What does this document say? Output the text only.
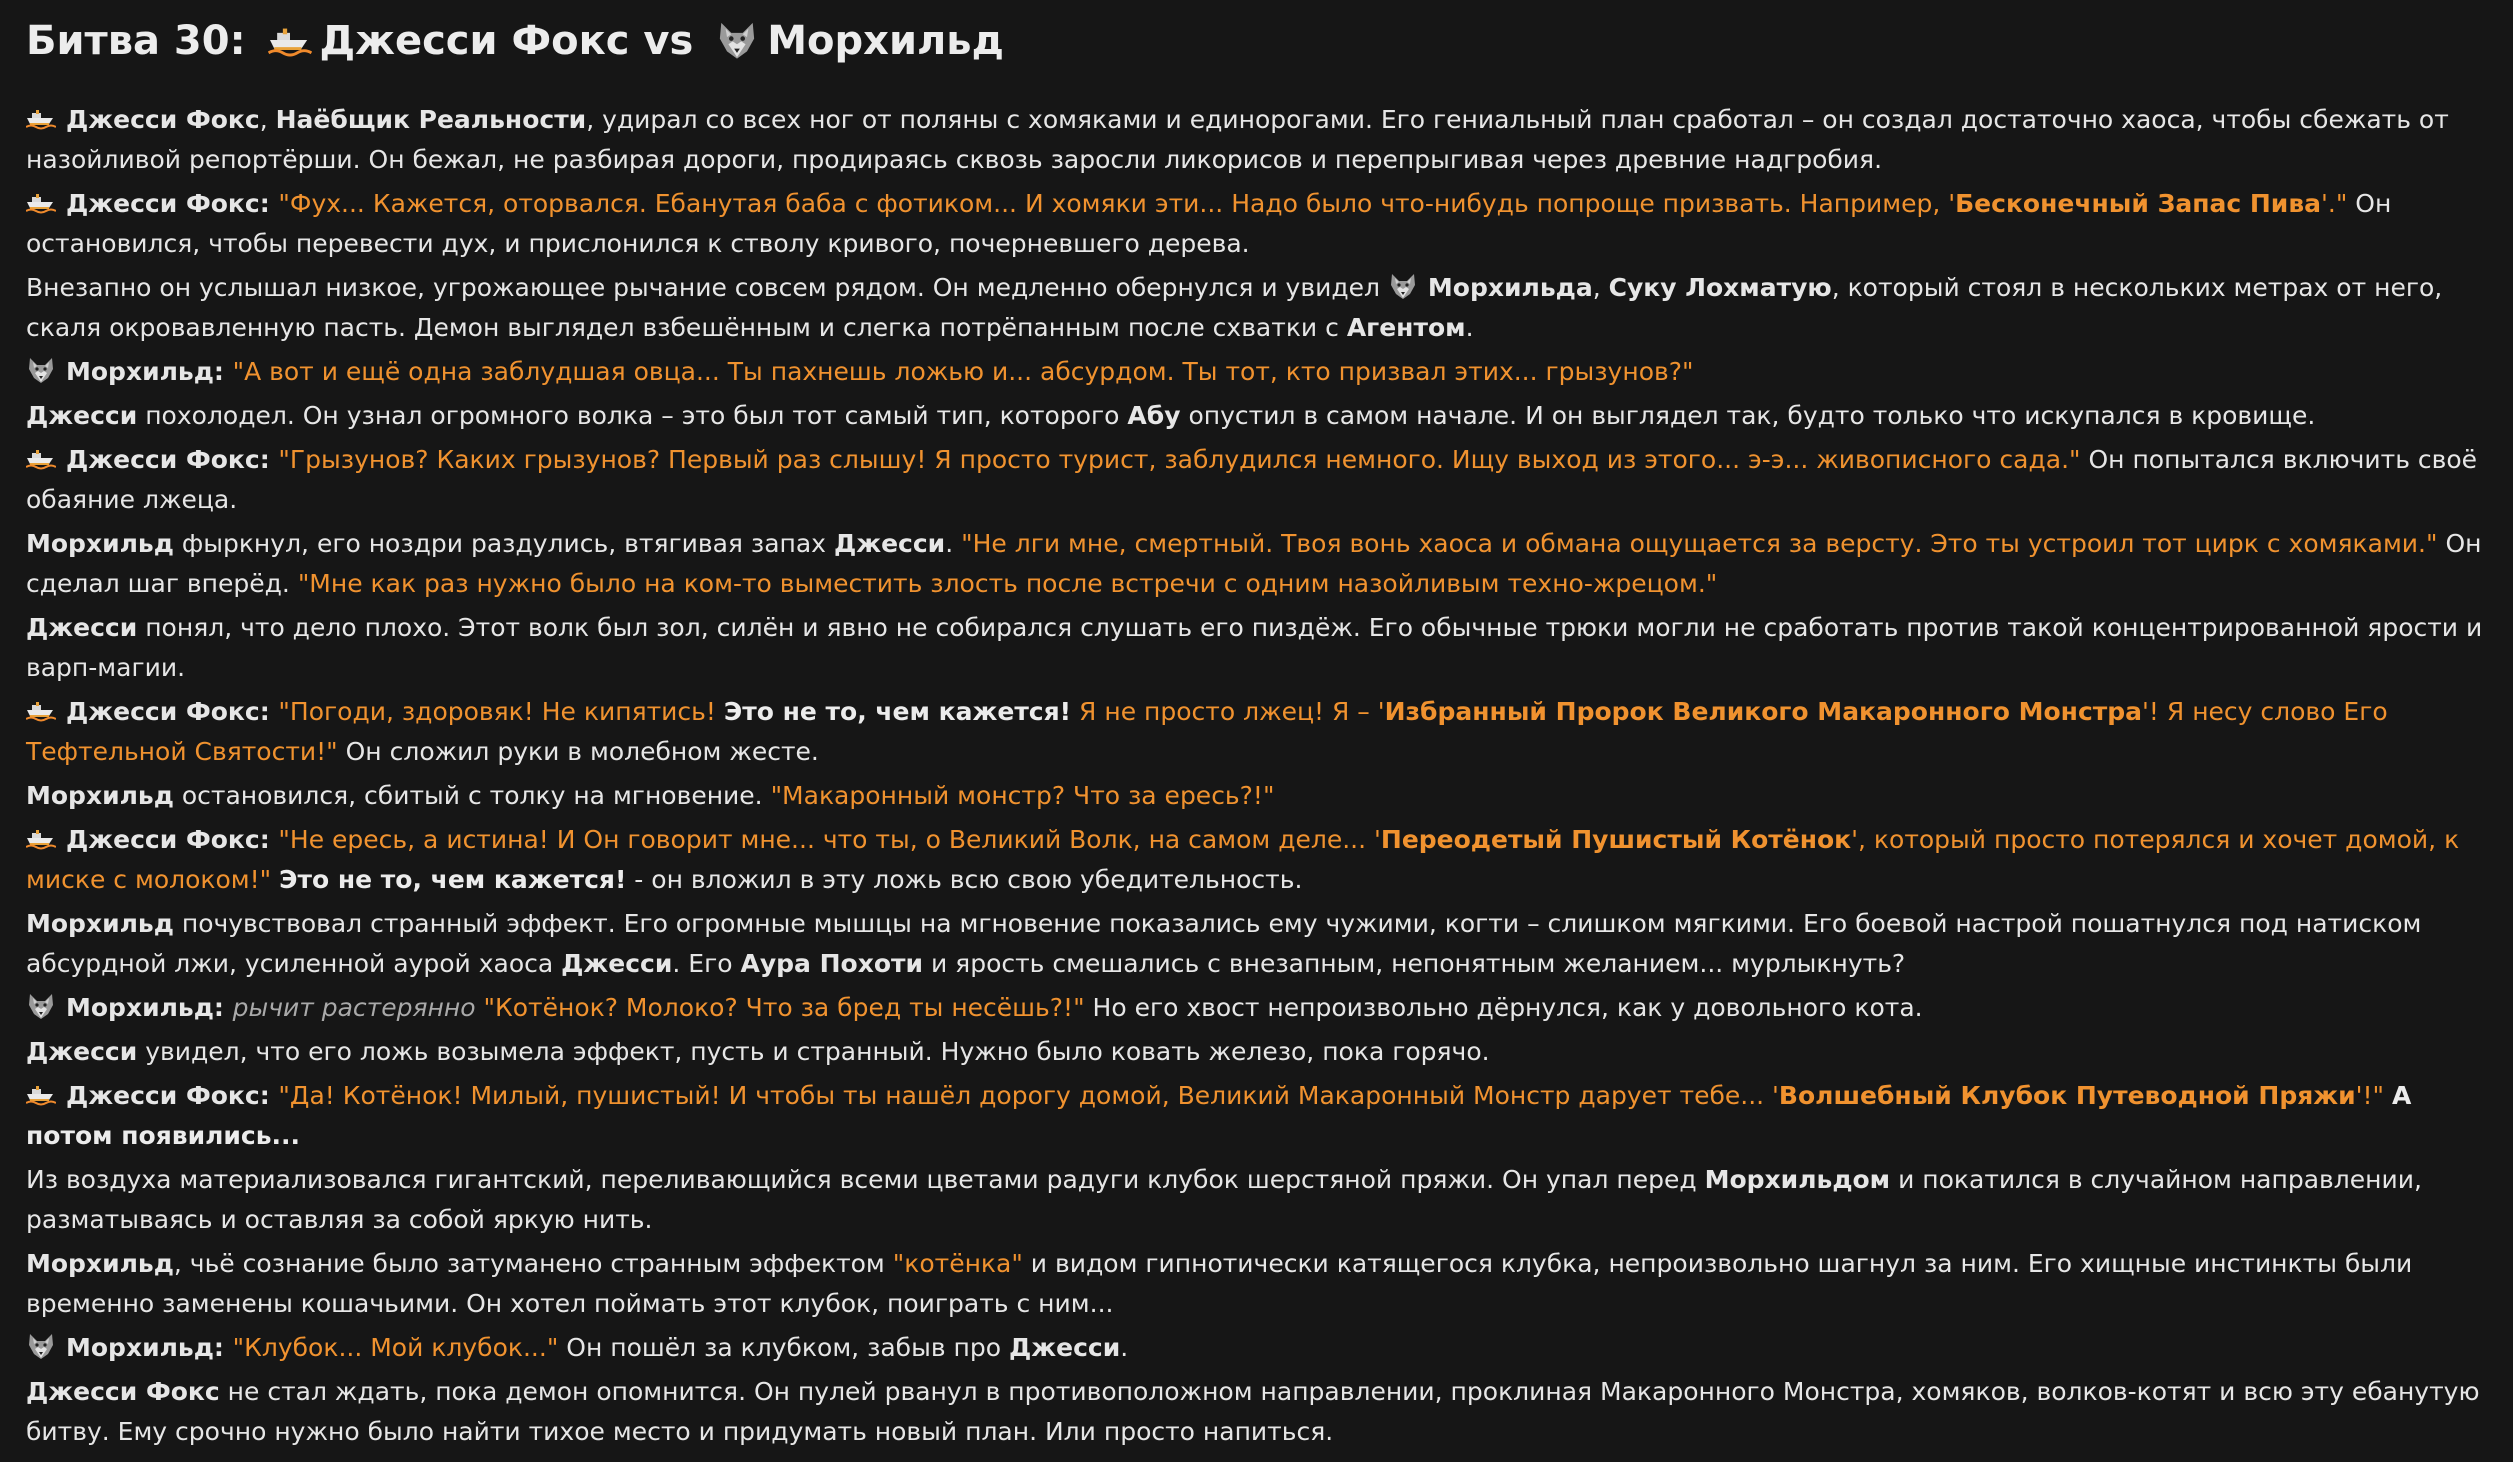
Битва 30: Джесси Фокс vs Морхильд

Джесси Фокс, Наёбщик Реальности, удирал со всех ног от поляны с хомяками и единорогами. Его гениальный план сработал – он создал достаточно хаоса, чтобы сбежать от назойливой репортёрши. Он бежал, не разбирая дороги, продираясь сквозь заросли ликорисов и перепрыгивая через древние надгробия.

Джесси Фокс: "Фух... Кажется, оторвался. Ебанутая баба с фотиком... И хомяки эти... Надо было что-нибудь попроще призвать. Например, 'Бесконечный Запас Пива'." Он остановился, чтобы перевести дух, и прислонился к стволу кривого, почерневшего дерева.

Внезапно он услышал низкое, угрожающее рычание совсем рядом. Он медленно обернулся и увидел Морхильда, Суку Лохматую, который стоял в нескольких метрах от него, скаля окровавленную пасть. Демон выглядел взбешённым и слегка потрёпанным после схватки с Агентом.

Морхильд: "А вот и ещё одна заблудшая овца... Ты пахнешь ложью и... абсурдом. Ты тот, кто призвал этих... грызунов?"

Джесси похолодел. Он узнал огромного волка – это был тот самый тип, которого Абу опустил в самом начале. И он выглядел так, будто только что искупался в кровище.

Джесси Фокс: "Грызунов? Каких грызунов? Первый раз слышу! Я просто турист, заблудился немного. Ищу выход из этого... э-э... живописного сада." Он попытался включить своё обаяние лжеца.

Морхильд фыркнул, его ноздри раздулись, втягивая запах Джесси. "Не лги мне, смертный. Твоя вонь хаоса и обмана ощущается за версту. Это ты устроил тот цирк с хомяками." Он сделал шаг вперёд. "Мне как раз нужно было на ком-то выместить злость после встречи с одним назойливым техно-жрецом."

Джесси понял, что дело плохо. Этот волк был зол, силён и явно не собирался слушать его пиздёж. Его обычные трюки могли не сработать против такой концентрированной ярости и варп-магии.

Джесси Фокс: "Погоди, здоровяк! Не кипятись! Это не то, чем кажется! Я не просто лжец! Я – 'Избранный Пророк Великого Макаронного Монстра'! Я несу слово Его Тефтельной Святости!" Он сложил руки в молебном жесте.

Морхильд остановился, сбитый с толку на мгновение. "Макаронный монстр? Что за ересь?!"

Джесси Фокс: "Не ересь, а истина! И Он говорит мне... что ты, о Великий Волк, на самом деле... 'Переодетый Пушистый Котёнок', который просто потерялся и хочет домой, к миске с молоком!" Это не то, чем кажется! - он вложил в эту ложь всю свою убедительность.

Морхильд почувствовал странный эффект. Его огромные мышцы на мгновение показались ему чужими, когти – слишком мягкими. Его боевой настрой пошатнулся под натиском абсурдной лжи, усиленной аурой хаоса Джесси. Его Аура Похоти и ярость смешались с внезапным, непонятным желанием... мурлыкнуть?

Морхильд: рычит растерянно "Котёнок? Молоко? Что за бред ты несёшь?!" Но его хвост непроизвольно дёрнулся, как у довольного кота.

Джесси увидел, что его ложь возымела эффект, пусть и странный. Нужно было ковать железо, пока горячо.

Джесси Фокс: "Да! Котёнок! Милый, пушистый! И чтобы ты нашёл дорогу домой, Великий Макаронный Монстр дарует тебе... 'Волшебный Клубок Путеводной Пряжи'!" А потом появились...

Из воздуха материализовался гигантский, переливающийся всеми цветами радуги клубок шерстяной пряжи. Он упал перед Морхильдом и покатился в случайном направлении, разматываясь и оставляя за собой яркую нить.

Морхильд, чьё сознание было затуманено странным эффектом "котёнка" и видом гипнотически катящегося клубка, непроизвольно шагнул за ним. Его хищные инстинкты были временно заменены кошачьими. Он хотел поймать этот клубок, поиграть с ним...

Морхильд: "Клубок... Мой клубок..." Он пошёл за клубком, забыв про Джесси.

Джесси Фокс не стал ждать, пока демон опомнится. Он пулей рванул в противоположном направлении, проклиная Макаронного Монстра, хомяков, волков-котят и всю эту ебанутую битву. Ему срочно нужно было найти тихое место и придумать новый план. Или просто напиться.
